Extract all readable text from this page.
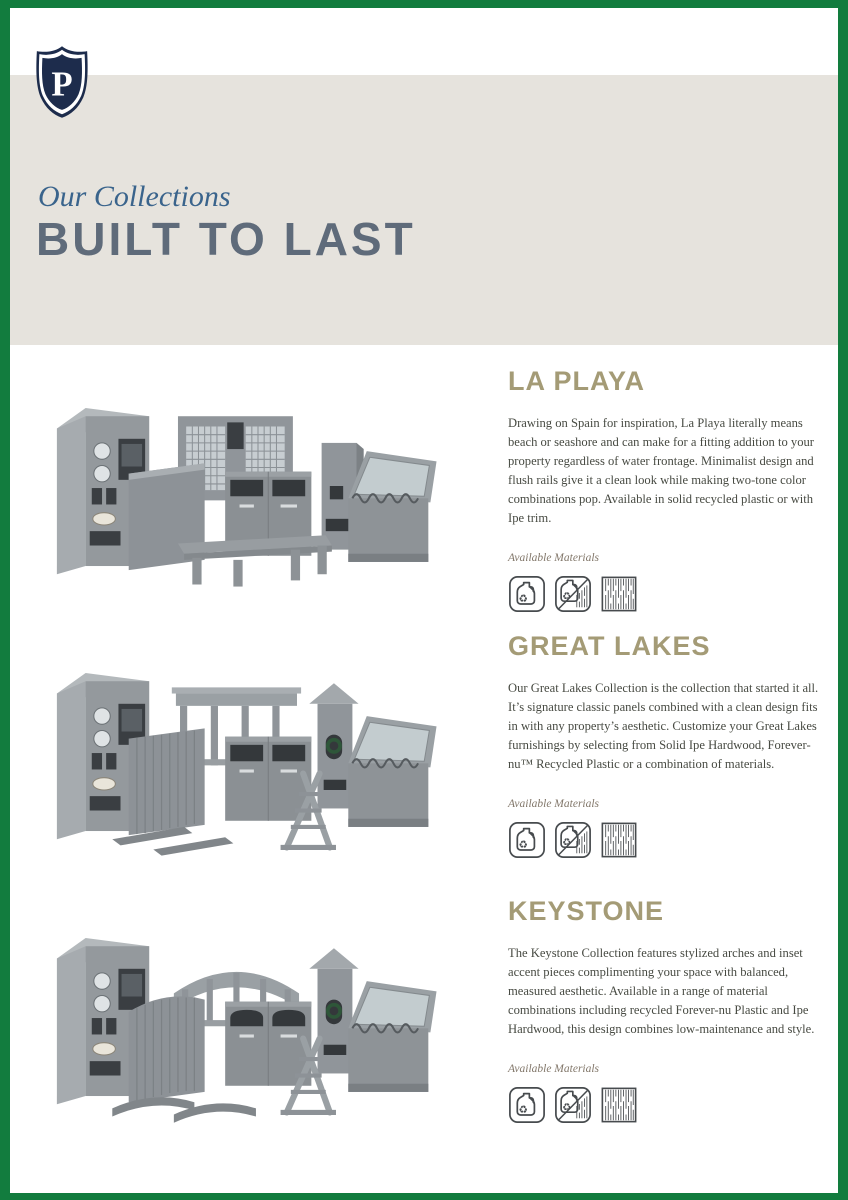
P
Our Collections
BUILT TO LAST
LA PLAYA

Drawing on Spain for inspiration, La Playa literally means beach or seashore and can make for a fitting addition to your property regardless of water frontage. Minimalist design and flush rails give it a clean look while making two-tone color combinations pop. Available in solid recycled plastic or with Ipe trim.

Available Materials
GREAT LAKES

Our Great Lakes Collection is the collection that started it all. It’s signature classic panels combined with a clean design fits in with any property’s aesthetic. Customize your Great Lakes furnishings by selecting from Solid Ipe Hardwood, Forever-nu™ Recycled Plastic or a combination of materials.

Available Materials
KEYSTONE

The Keystone Collection features stylized arches and inset accent pieces complimenting your space with balanced, measured aesthetic. Available in a range of material combinations including recycled Forever-nu Plastic and Ipe Hardwood, this design combines low-maintenance and style.

Available Materials
